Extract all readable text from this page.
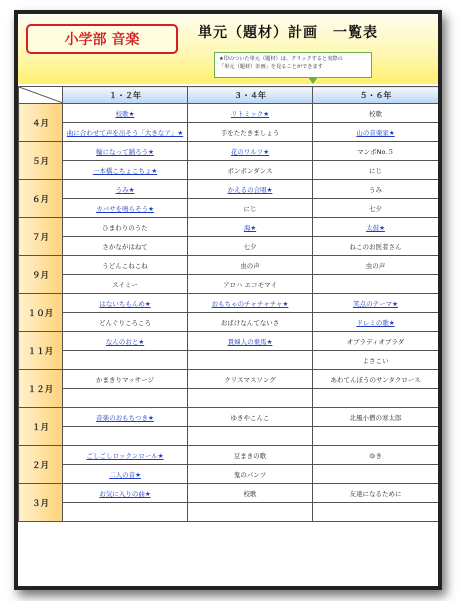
小学部 音楽	単元（題材）計画　一覧表
★印のついた単元（題材）は、クリックすると実際の
「単元（題材）計画」を見ることができます
	１・２年	３・４年	５・６年
４月	校歌★	リトミック★	校歌
	曲に合わせて声を出そう「大きなア」★	手をたたきましょう	山の音楽家★
５月	輪になって踊ろう★	花のワルツ★	マンボNo.５
	一本橋こちょこちょ★	ボンボンダンス	にじ
６月	うみ★	かえるの合唱★	うみ
	カバサを鳴らそう★	にじ	七夕
７月	ひまわりのうた	海★	太鼓★
	さかながはねて	七夕	ねこのお医者さん
９月	うどんこねこね	虫の声	虫の声
	スイミー	アロハ エコモマイ	
１０月	はないちもんめ★	おもちゃのチャチャチャ★	笑点のテーマ★
	どんぐりころころ	おばけなんてないさ	ドレミの歌★
１１月	なんのおと★	貴婦人の乗馬★	オブラディオブラダ
			よさこい
１２月	かまきりマッサージ	クリスマスソング	あわてんぼうのサンタクロース

１月	音楽のおもちつき★	ゆきやこんこ	北風小僧の寒太郎

２月	ごしごしロックンロール★	豆まきの歌	ゆき
	二人の音★	鬼のパンツ	
３月	お気に入りの曲★	校歌	友達になるために
